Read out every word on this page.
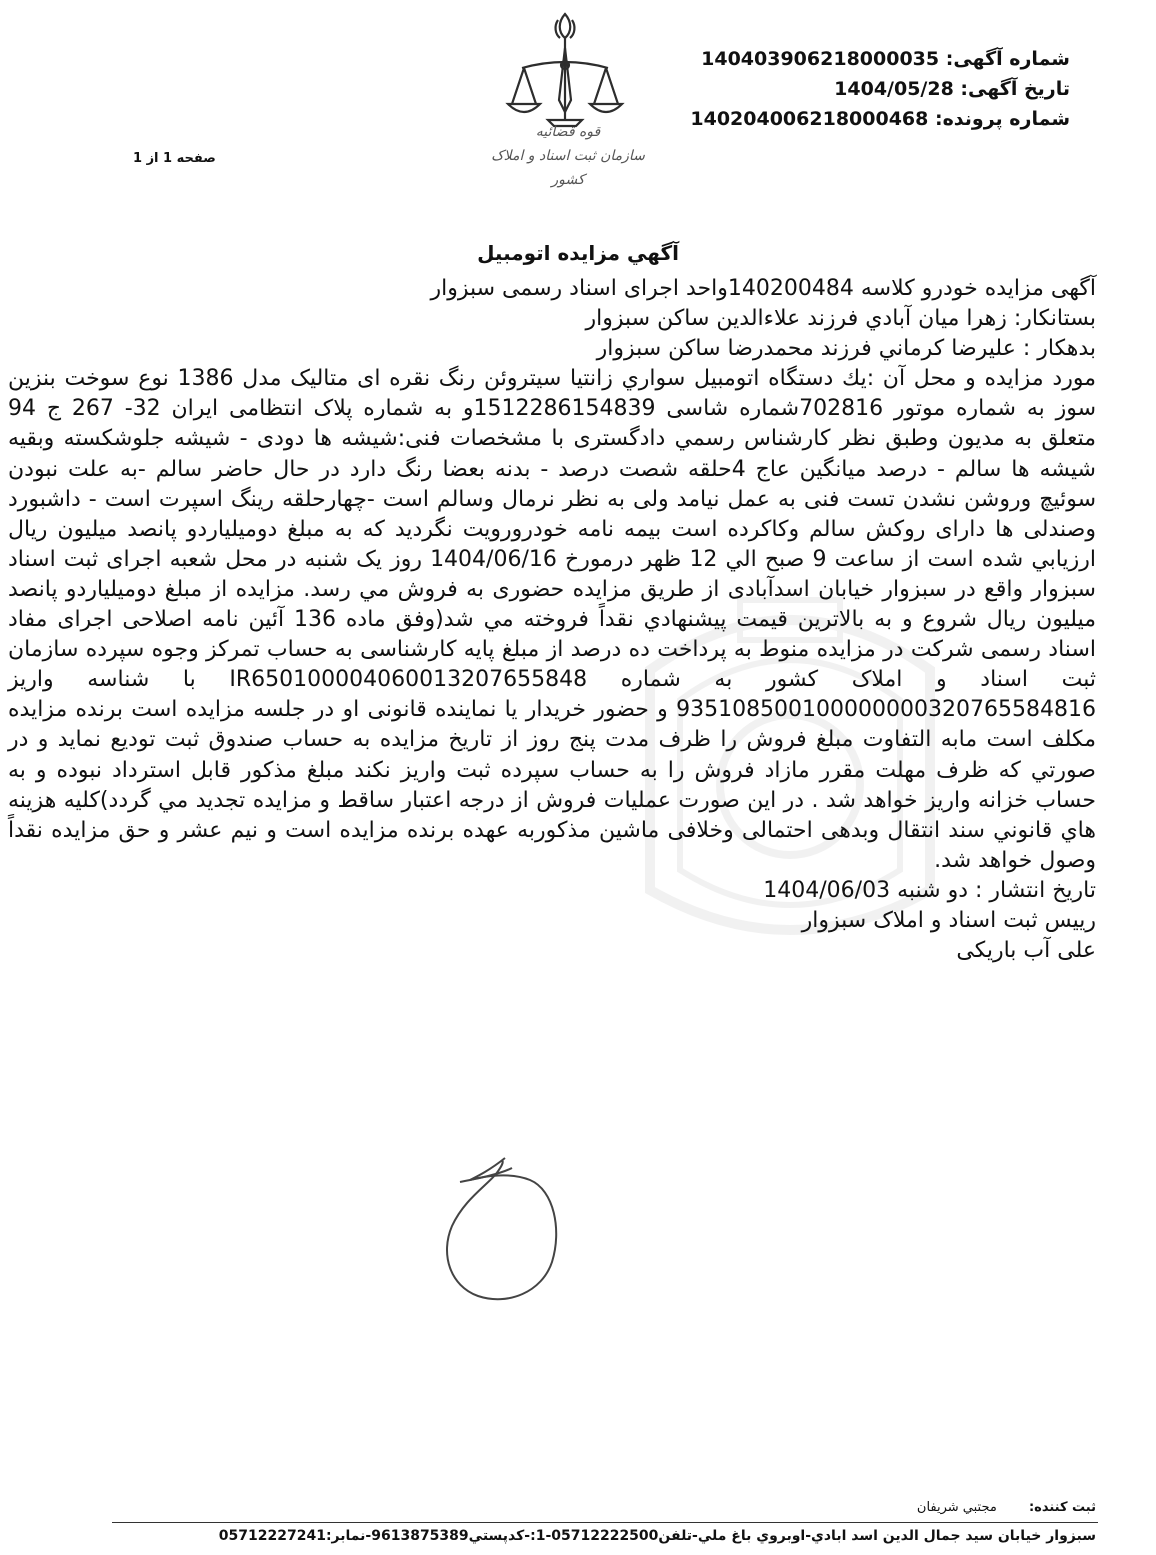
قوه قضائیه
سازمان ثبت اسناد و املاک کشور
شماره آگهی: 14040390621800003​5
تاریخ آگهی: 1404/05/28
شماره پرونده: 140204006218000468
صفحه 1 از 1
آگهي مزايده اتومبيل

آگهی مزایده خودرو کلاسه 140200484واحد اجرای اسناد رسمی سبزوار

بستانکار: زهرا ميان آبادي فرزند علاءالدين ساکن سبزوار

بدهکار : عليرضا کرماني فرزند محمدرضا ساکن سبزوار

مورد مزایده و محل آن :يك دستگاه اتومبيل سواري زانتيا سيتروئن رنگ نقره ای متاليک مدل 1386 نوع سوخت بنزين سوز به شماره موتور 702816شماره شاسی 1512286154839و به شماره پلاک انتظامی ايران 32- 267 ج 94 متعلق به مديون وطبق نظر کارشناس رسمي دادگستری با مشخصات فنی:شيشه ها دودی - شيشه جلوشکسته وبقيه شيشه ها سالم - درصد ميانگين عاج 4حلقه شصت درصد - بدنه بعضا رنگ دارد در حال حاضر سالم -به علت نبودن سوئيچ وروشن نشدن تست فنی به عمل نيامد ولی به نظر نرمال وسالم است -چهارحلقه رينگ اسپرت است - داشبورد وصندلی ها دارای روکش سالم وکاکرده است بيمه نامه خودرورويت نگرديد که به مبلغ دوميلياردو پانصد ميليون ريال ارزيابي شده است از ساعت 9 صبح الي 12 ظهر درمورخ 1404/06/16 روز يک شنبه در محل شعبه اجرای ثبت اسناد سبزوار واقع در سبزوار خيابان اسدآبادی از طريق مزايده حضوری به فروش مي رسد. مزايده از مبلغ دوميلياردو پانصد ميليون ريال شروع و به بالاترين قيمت پيشنهادي نقداً فروخته مي شد(وفق ماده 136 آئين نامه اصلاحی اجرای مفاد اسناد رسمی شرکت در مزايده منوط به پرداخت ده درصد از مبلغ پايه کارشناسی به حساب تمرکز وجوه سپرده سازمان ثبت اسناد و املاک کشور به شماره IR650100004060013207655848 با شناسه واريز 935108500100000000320765584816 و حضور خريدار يا نماينده قانونی او در جلسه مزايده است برنده مزايده مکلف است مابه التفاوت مبلغ فروش را ظرف مدت پنج روز از تاريخ مزايده به حساب صندوق ثبت توديع نمايد و در صورتي که ظرف مهلت مقرر مازاد فروش را به حساب سپرده ثبت واريز نکند مبلغ مذکور قابل استرداد نبوده و به حساب خزانه واريز خواهد شد . در اين صورت عمليات فروش از درجه اعتبار ساقط و مزايده تجديد مي گردد)کليه هزينه هاي قانوني سند انتقال وبدهی احتمالی وخلافی ماشين مذکوربه عهده برنده مزايده است و نيم عشر و حق مزايده نقداً وصول خواهد شد.

تاريخ انتشار : دو شنبه 1404/06/03

رييس ثبت اسناد و املاک سبزوار

علی آب باريکی

ثبت کننده: مجتبي شريفان
سبزوار خيابان سيد جمال الدين اسد ابادي-اوبروي باغ ملي-تلفن05712222500-1:-کدپستي9613875389-نمابر:05712227241
